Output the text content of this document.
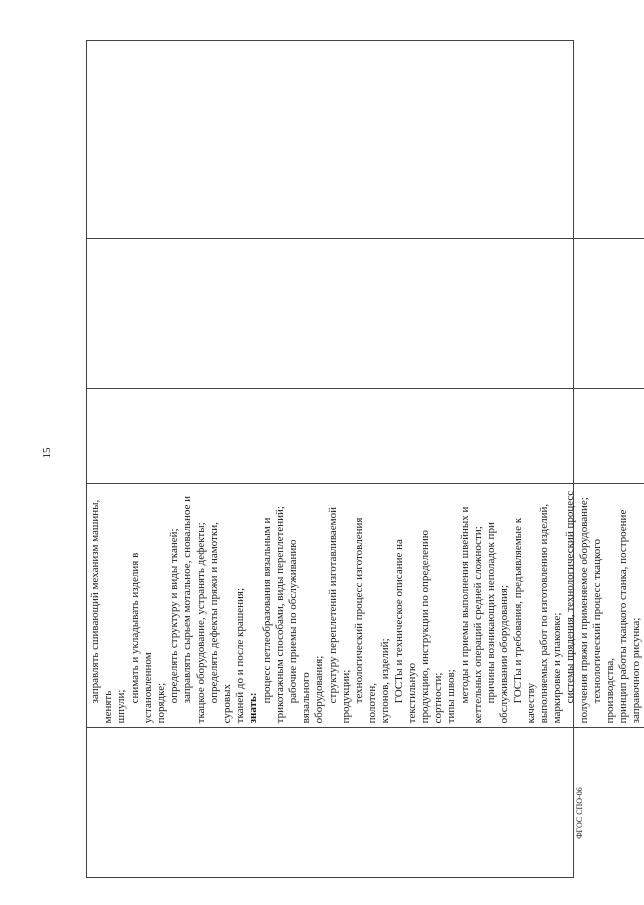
15

заправлять сшивающий механизм машины, менять шпули;

снимать и укладывать изделия в установленном порядке; определять структуру и виды тканей; заправлять сырьем мотальное, сновальное и ткацкое оборудование, устранять дефекты; определять дефекты пряжи и намотки, суровых тканей до и после крашения; знать:

процесс петлеобразования вязальным и трикотажным способами, виды переплетений; рабочие приемы по обслуживанию вязального оборудования; структуру переплетений изготавливаемой продукции; технологический процесс изготовления полотен, купонов, изделий; ГОСТы и техническое описание на текстильную продукцию, инструкции по определению сортности; типы швов; методы и приемы выполнения швейных и кеттельных операций средней сложности; причины возникающих неполадок при обслуживании оборудования; ГОСТы и требования, предъявляемые к качеству выполняемых работ по изготовлению изделий, маркировке и упаковке; системы прядения, технологический процесс получения пряжи и применяемое оборудование; технологический процесс ткацкого производства, принцип работы ткацкого станка, построение заправочного рисунка;

ФГОС СПО-06
